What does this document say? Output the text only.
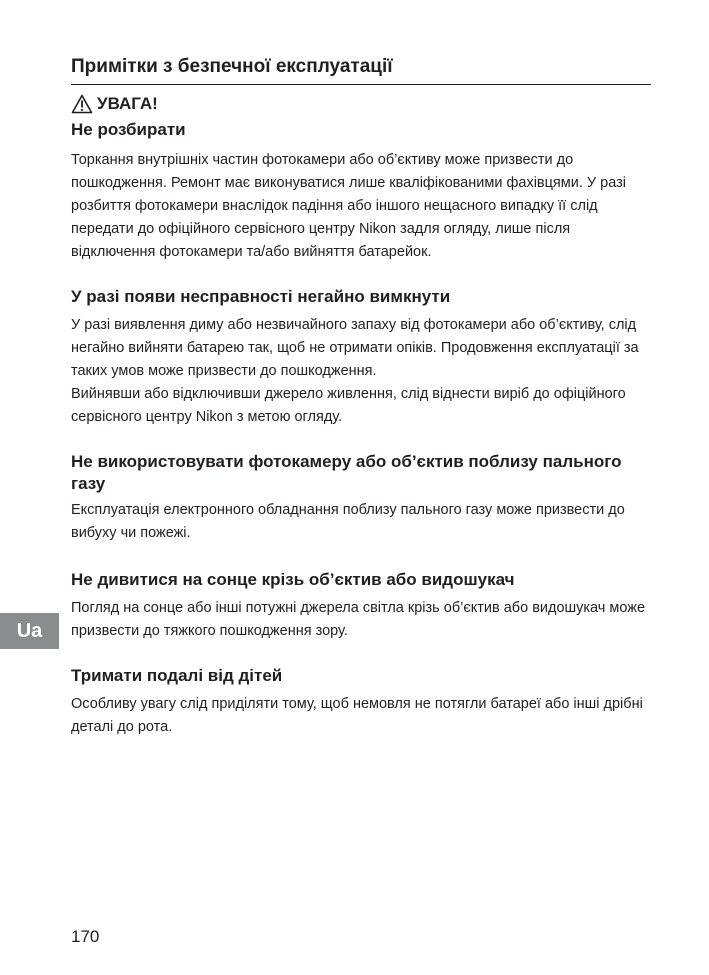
Примітки з безпечної експлуатації
УВАГА!
Не розбирати

Торкання внутрішніх частин фотокамери або об’єктиву може призвести до пошкодження. Ремонт має виконуватися лише кваліфікованими фахівцями. У разі розбиття фотокамери внаслідок падіння або іншого нещасного випадку її слід передати до офіційного сервісного центру Nikon задля огляду, лише після відключення фотокамери та/або вийняття батарейок.

У разі появи несправності негайно вимкнути

У разі виявлення диму або незвичайного запаху від фотокамери або об’єктиву, слід негайно вийняти батарею так, щоб не отримати опіків. Продовження експлуатації за таких умов може призвести до пошкодження.

Вийнявши або відключивши джерело живлення, слід віднести виріб до офіційного сервісного центру Nikon з метою огляду.

Не використовувати фотокамеру або об’єктив поблизу пального газу

Експлуатація електронного обладнання поблизу пального газу може призвести до вибуху чи пожежі.

Не дивитися на сонце крізь об’єктив або видошукач

Погляд на сонце або інші потужні джерела світла крізь об’єктив або видошукач може призвести до тяжкого пошкодження зору.

Тримати подалі від дітей

Особливу увагу слід приділяти тому, щоб немовля не потягли батареї або інші дрібні деталі до рота.

Ua
170
